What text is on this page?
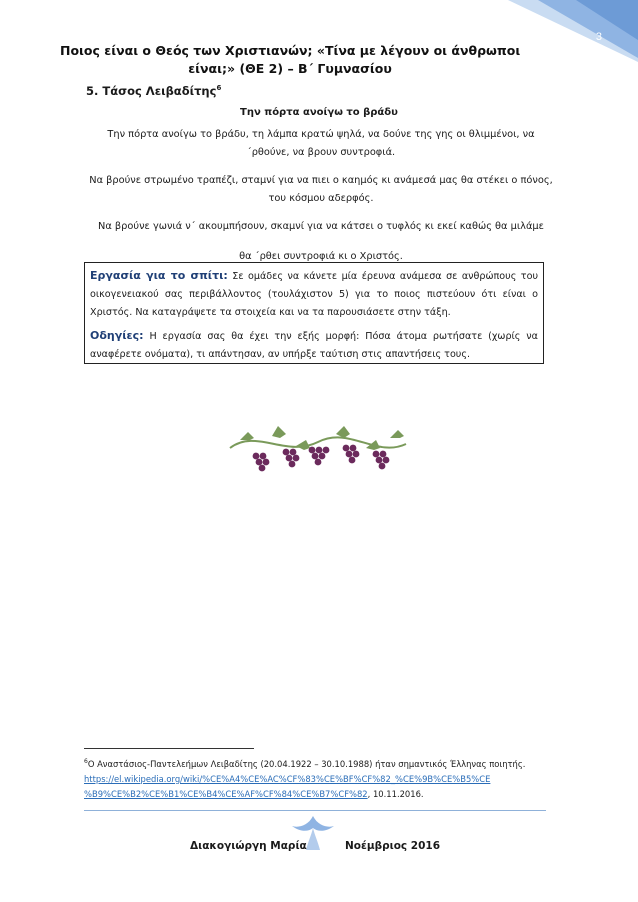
3
Ποιος είναι ο Θεός των Χριστιανών; «Τίνα με λέγουν οι άνθρωποι
είναι;» (ΘΕ 2) – Β΄ Γυμνασίου
5. Τάσος Λειβαδίτης$^6$
Την πόρτα ανοίγω το βράδυ

Την πόρτα ανοίγω το βράδυ, τη λάμπα κρατώ ψηλά, να δούνε της γης οι θλιμμένοι, να ΄ρθούνε, να βρουν συντροφιά.

Να βρούνε στρωμένο τραπέζι, σταμνί για να πιει ο καημός κι ανάμεσά μας θα στέκει ο πόνος, του κόσμου αδερφός.

Να βρούνε γωνιά ν΄ ακουμπήσουν, σκαμνί για να κάτσει ο τυφλός κι εκεί καθώς θα μιλάμε

θα ΄ρθει συντροφιά κι ο Χριστός.

Εργασία για το σπίτι: Σε ομάδες να κάνετε μία έρευνα ανάμεσα σε ανθρώπους του οικογενειακού σας περιβάλλοντος (τουλάχιστον 5) για το ποιος πιστεύουν ότι είναι ο Χριστός. Να καταγράψετε τα στοιχεία και να τα παρουσιάσετε στην τάξη.

Οδηγίες: Η εργασία σας θα έχει την εξής μορφή: Πόσα άτομα ρωτήσατε (χωρίς να αναφέρετε ονόματα), τι απάντησαν, αν υπήρξε ταύτιση στις απαντήσεις τους.

$^6$Ο Αναστάσιος-Παντελεήμων Λειβαδίτης (20.04.1922 – 30.10.1988) ήταν σημαντικός Έλληνας ποιητής.
https://el.wikipedia.org/wiki/%CE%A4%CE%AC%CF%83%CE%BF%CF%82_%CE%9B%CE%B5%CE
%B9%CE%B2%CE%B1%CE%B4%CE%AF%CF%84%CE%B7%CF%82, 10.11.2016.
Διακογιώργη Μαρία	Νοέμβριος 2016
